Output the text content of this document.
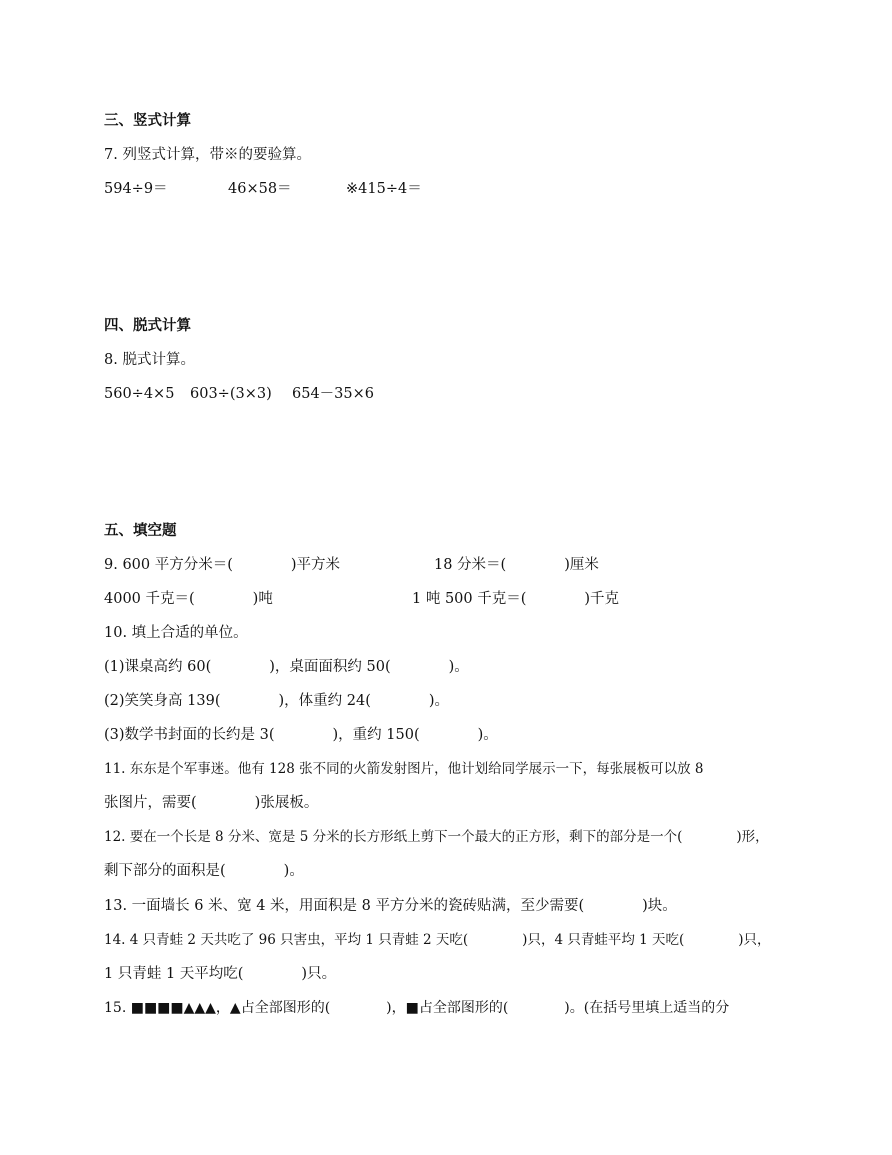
三、竖式计算
7. 列竖式计算，带※的要验算。
594÷9＝	46×58＝	※415÷4＝
四、脱式计算
8. 脱式计算。
560÷4×5 603÷(3×3) 654－35×6
五、填空题
9. 600 平方分米＝(　　　　)平方米	18 分米＝(　　　　)厘米
4000 千克＝(　　　　)吨	1 吨 500 千克＝(　　　　)千克
10. 填上合适的单位。
(1)课桌高约 60(　　　　)，桌面面积约 50(　　　　)。
(2)笑笑身高 139(　　　　)，体重约 24(　　　　)。
(3)数学书封面的长约是 3(　　　　)，重约 150(　　　　)。
11. 东东是个军事迷。他有 128 张不同的火箭发射图片，他计划给同学展示一下，每张展板可以放 8
张图片，需要(　　　　)张展板。
12. 要在一个长是 8 分米、宽是 5 分米的长方形纸上剪下一个最大的正方形，剩下的部分是一个(　　　　)形，
剩下部分的面积是(　　　　)。
13. 一面墙长 6 米、宽 4 米，用面积是 8 平方分米的瓷砖贴满，至少需要(　　　　)块。
14. 4 只青蛙 2 天共吃了 96 只害虫，平均 1 只青蛙 2 天吃(　　　　)只，4 只青蛙平均 1 天吃(　　　　)只，
1 只青蛙 1 天平均吃(　　　　)只。
15. ■■■■▲▲▲，▲占全部图形的(　　　　)，■占全部图形的(　　　　)。(在括号里填上适当的分
